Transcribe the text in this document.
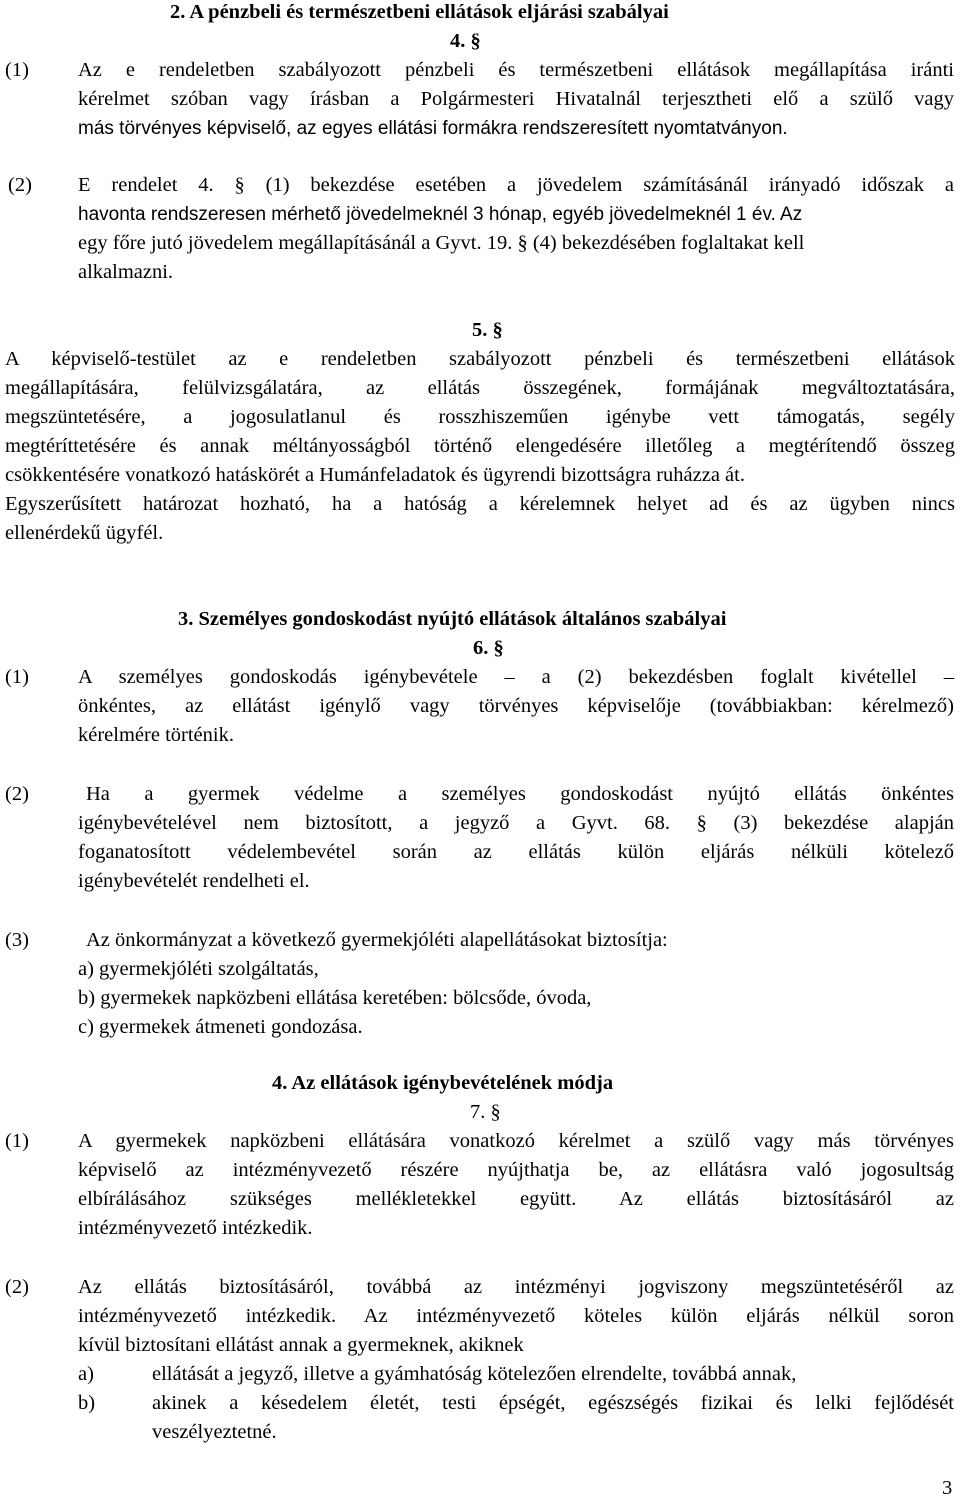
2. A pénzbeli és természetbeni ellátások eljárási szabályai
4. §
(1) Az e rendeletben szabályozott pénzbeli és természetbeni ellátások megállapítása iránti
kérelmet szóban vagy írásban a Polgármesteri Hivatalnál terjesztheti elő a szülő vagy
más törvényes képviselő, az egyes ellátási formákra rendszeresített nyomtatványon.
(2) E rendelet 4. § (1) bekezdése esetében a jövedelem számításánál irányadó időszak a
havonta rendszeresen mérhető jövedelmeknél 3 hónap, egyéb jövedelmeknél 1 év. Az
egy főre jutó jövedelem megállapításánál a Gyvt. 19. § (4) bekezdésében foglaltakat kell
alkalmazni.
5. §
A képviselő-testület az e rendeletben szabályozott pénzbeli és természetbeni ellátások
megállapítására, felülvizsgálatára, az ellátás összegének, formájának megváltoztatására,
megszüntetésére, a jogosulatlanul és rosszhiszeműen igénybe vett támogatás, segély
megtéríttetésére és annak méltányosságból történő elengedésére illetőleg a megtérítendő összeg
csökkentésére vonatkozó hatáskörét a Humánfeladatok és ügyrendi bizottságra ruházza át.
Egyszerűsített határozat hozható, ha a hatóság a kérelemnek helyet ad és az ügyben nincs
ellenérdekű ügyfél.
3. Személyes gondoskodást nyújtó ellátások általános szabályai
6. §
(1) A személyes gondoskodás igénybevétele – a (2) bekezdésben foglalt kivétellel –
önkéntes, az ellátást igénylő vagy törvényes képviselője (továbbiakban: kérelmező)
kérelmére történik.
(2)	Ha a gyermek védelme a személyes gondoskodást nyújtó ellátás önkéntes
igénybevételével nem biztosított, a jegyző a Gyvt. 68. § (3) bekezdése alapján
foganatosított védelembevétel során az ellátás külön eljárás nélküli kötelező
igénybevételét rendelheti el.
(3)	Az önkormányzat a következő gyermekjóléti alapellátásokat biztosítja:
a) gyermekjóléti szolgáltatás,
b) gyermekek napközbeni ellátása keretében: bölcsőde, óvoda,
c) gyermekek átmeneti gondozása.
4. Az ellátások igénybevételének módja
7. §
(1) A gyermekek napközbeni ellátására vonatkozó kérelmet a szülő vagy más törvényes
képviselő az intézményvezető részére nyújthatja be, az ellátásra való jogosultság
elbírálásához szükséges mellékletekkel együtt. Az ellátás biztosításáról az
intézményvezető intézkedik.
(2) Az ellátás biztosításáról, továbbá az intézményi jogviszony megszüntetéséről az
intézményvezető intézkedik. Az intézményvezető köteles külön eljárás nélkül soron
kívül biztosítani ellátást annak a gyermeknek, akiknek
a)	ellátását a jegyző, illetve a gyámhatóság kötelezően elrendelte, továbbá annak,
b)	akinek a késedelem életét, testi épségét, egészségés fizikai és lelki fejlődését
veszélyeztetné.
3
